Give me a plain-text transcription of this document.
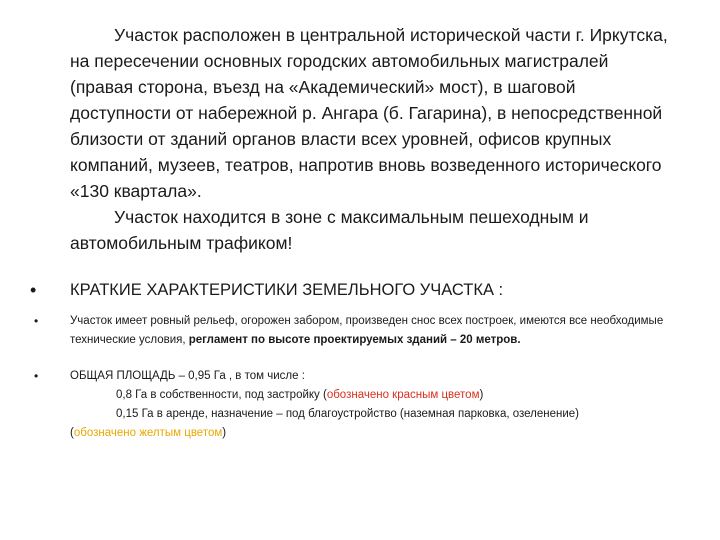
Участок расположен в центральной исторической части г. Иркутска, на пересечении основных городских автомобильных магистралей (правая сторона, въезд на «Академический» мост), в шаговой доступности от набережной р. Ангара (б. Гагарина), в непосредственной близости от зданий органов власти всех уровней, офисов крупных компаний, музеев, театров, напротив вновь возведенного исторического «130 квартала».

Участок находится в зоне с максимальным пешеходным и автомобильным трафиком!

• КРАТКИЕ ХАРАКТЕРИСТИКИ ЗЕМЕЛЬНОГО УЧАСТКА :
•	Участок имеет ровный рельеф, огорожен забором, произведен снос всех построек, имеются все необходимые технические условия, регламент по высоте проектируемых зданий – 20 метров.
•	ОБЩАЯ ПЛОЩАДЬ – 0,95 Га , в том числе :
0,8 Га в собственности, под застройку (обозначено красным цветом)
0,15 Га в аренде, назначение – под благоустройство (наземная парковка, озеленение)
(обозначено желтым цветом)
